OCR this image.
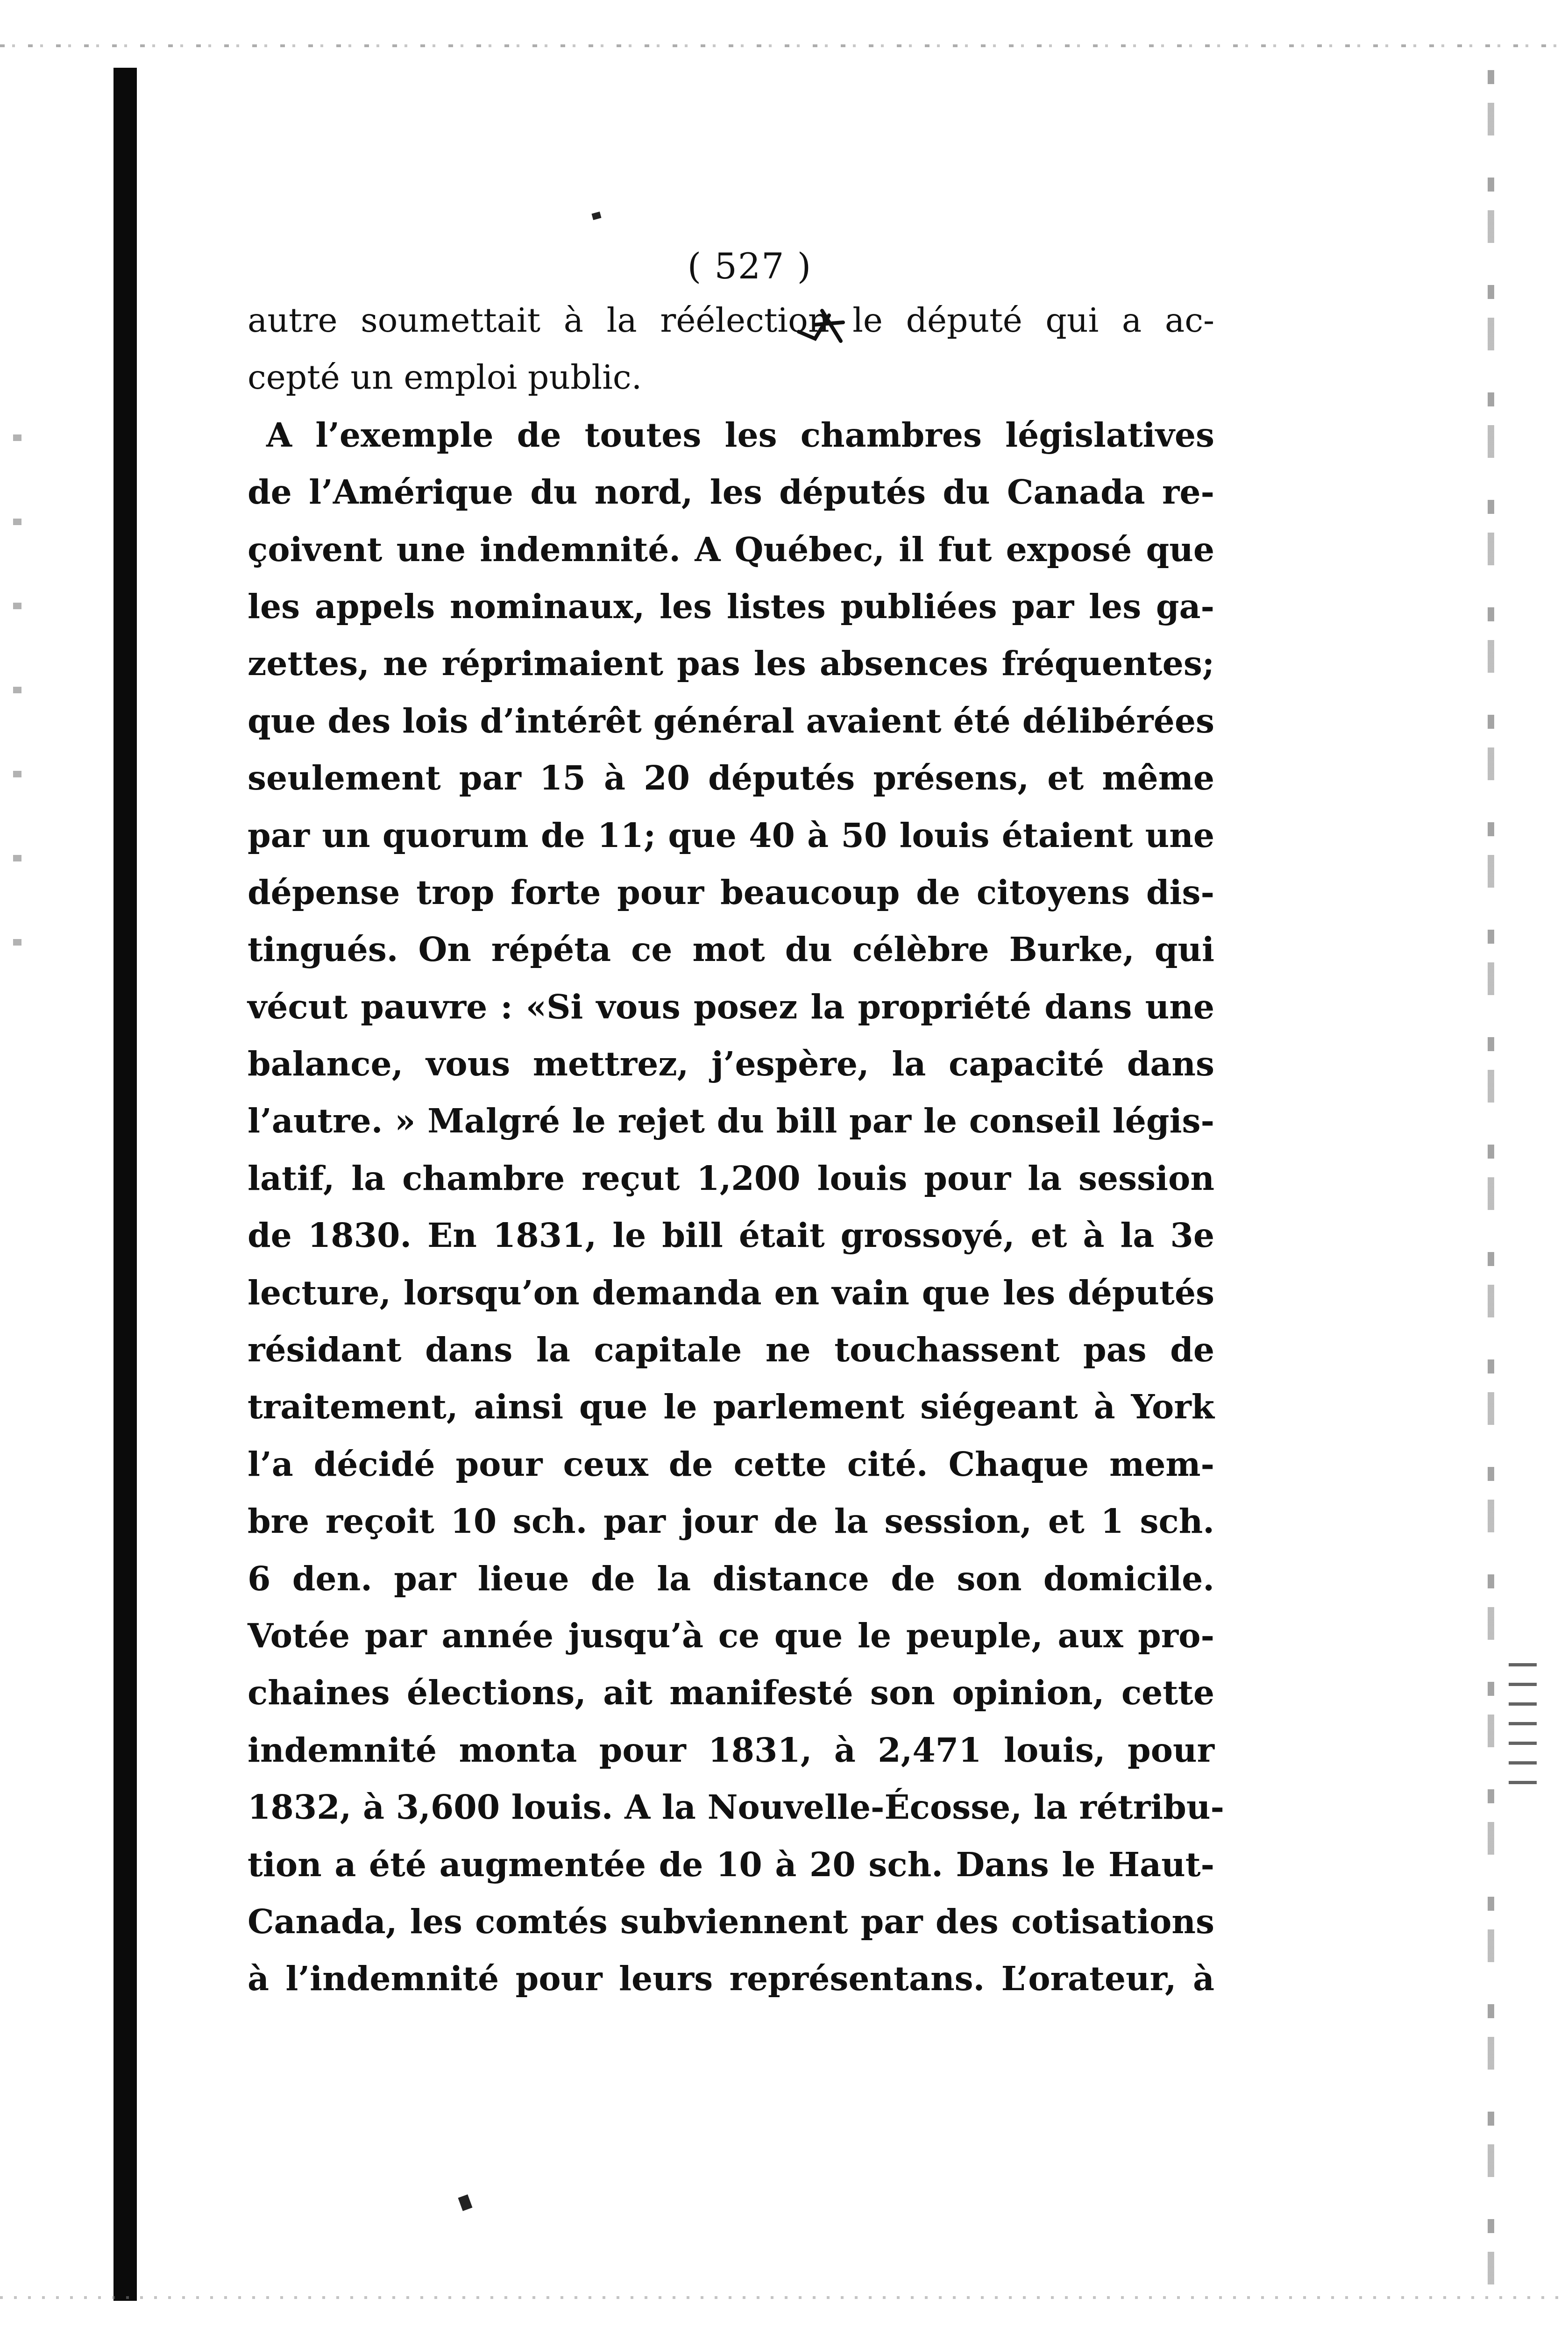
( 527 )
autre soumettait à la réélection le député qui a ac-
cepté un emploi public.
A l’exemple de toutes les chambres législatives
de l’Amérique du nord, les députés du Canada re-
çoivent une indemnité. A Québec, il fut exposé que
les appels nominaux, les listes publiées par les ga-
zettes, ne réprimaient pas les absences fréquentes;
que des lois d’intérêt général avaient été délibérées
seulement par 15 à 20 députés présens, et même
par un quorum de 11; que 40 à 50 louis étaient une
dépense trop forte pour beaucoup de citoyens dis-
tingués. On répéta ce mot du célèbre Burke, qui
vécut pauvre : «Si vous posez la propriété dans une
balance, vous mettrez, j’espère, la capacité dans
l’autre. » Malgré le rejet du bill par le conseil légis-
latif, la chambre reçut 1,200 louis pour la session
de 1830. En 1831, le bill était grossoyé, et à la 3e
lecture, lorsqu’on demanda en vain que les députés
résidant dans la capitale ne touchassent pas de
traitement, ainsi que le parlement siégeant à York
l’a décidé pour ceux de cette cité. Chaque mem-
bre reçoit 10 sch. par jour de la session, et 1 sch.
6 den. par lieue de la distance de son domicile.
Votée par année jusqu’à ce que le peuple, aux pro-
chaines élections, ait manifesté son opinion, cette
indemnité monta pour 1831, à 2,471 louis, pour
1832, à 3,600 louis. A la Nouvelle-Écosse, la rétribu-
tion a été augmentée de 10 à 20 sch. Dans le Haut-
Canada, les comtés subviennent par des cotisations
à l’indemnité pour leurs représentans. L’orateur, à
